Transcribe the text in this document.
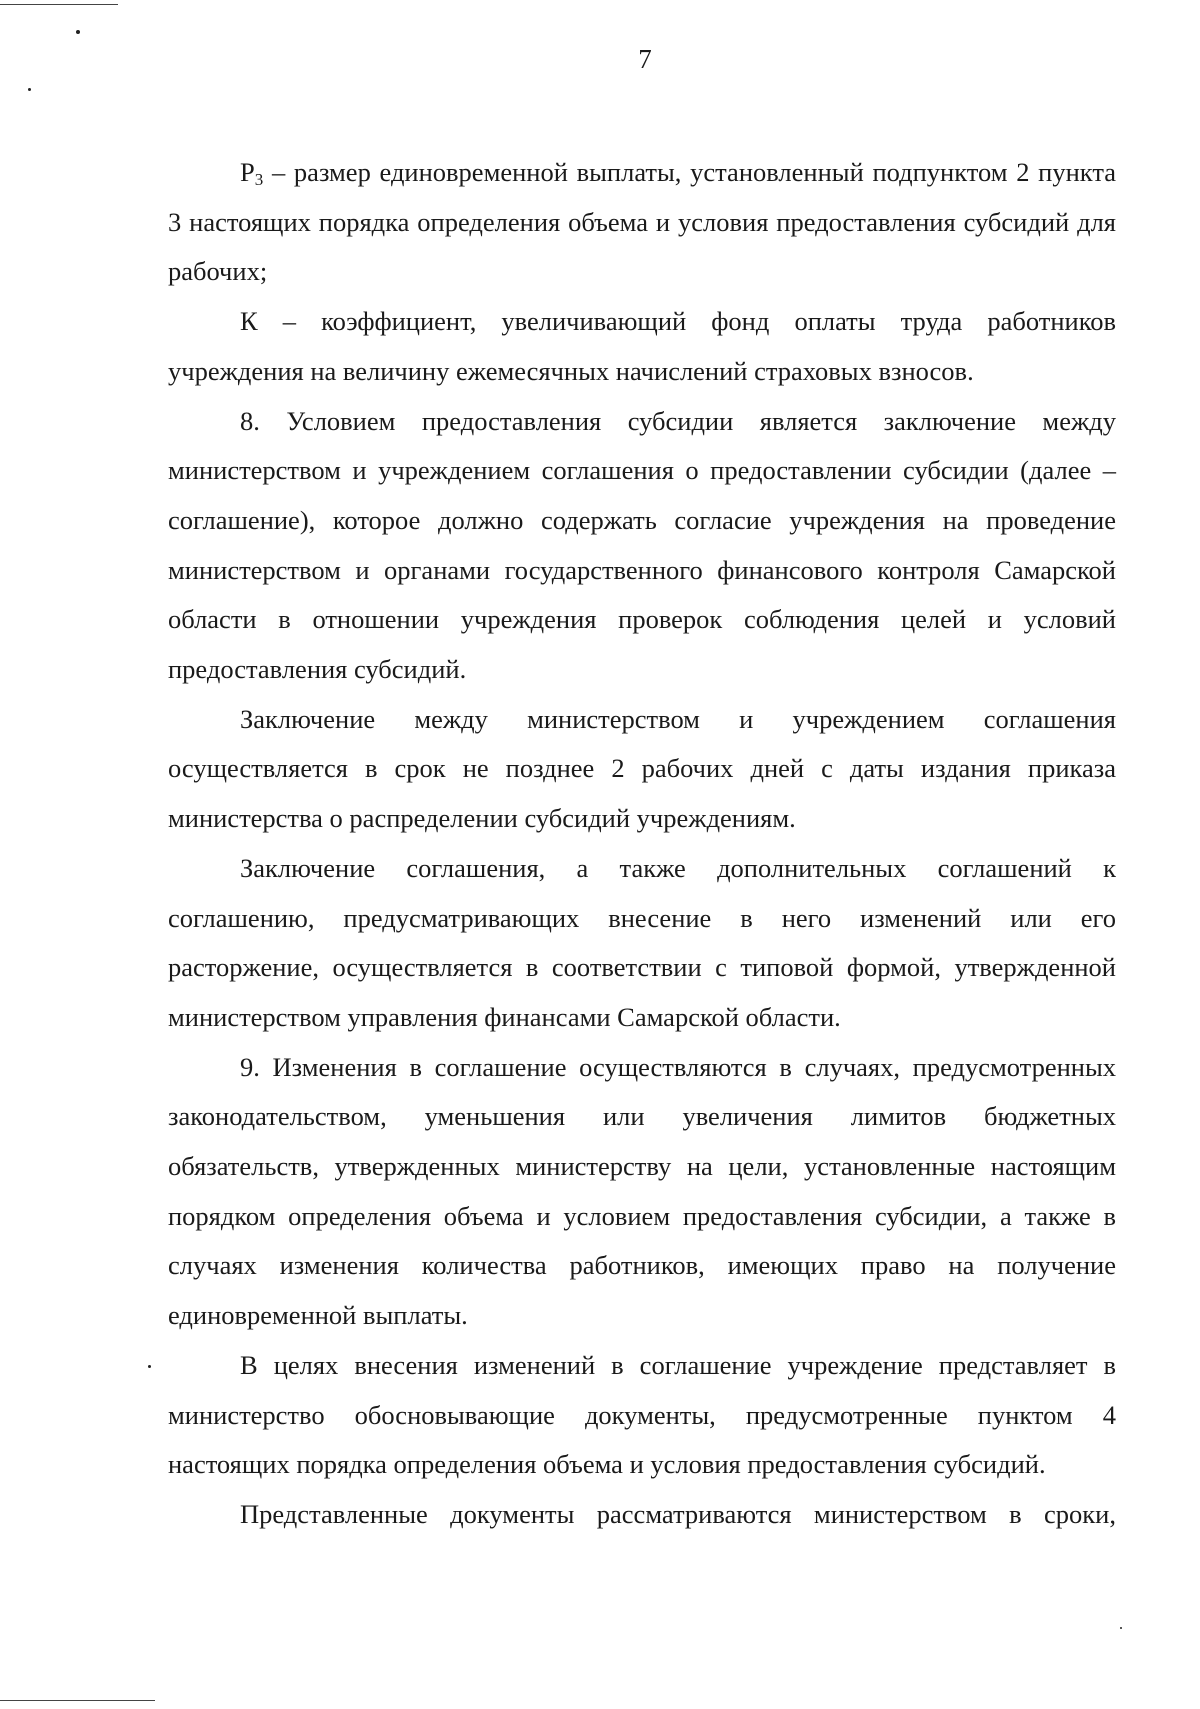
7

$Р_3$ – размер единовременной выплаты, установленный подпунктом 2 пункта 3 настоящих порядка определения объема и условия предоставления субсидий для рабочих;

К – коэффициент, увеличивающий фонд оплаты труда работников учреждения на величину ежемесячных начислений страховых взносов.

8. Условием предоставления субсидии является заключение между министерством и учреждением соглашения о предоставлении субсидии (далее – соглашение), которое должно содержать согласие учреждения на проведение министерством и органами государственного финансового контроля Самарской области в отношении учреждения проверок соблюдения целей и условий предоставления субсидий.

Заключение между министерством и учреждением соглашения осуществляется в срок не позднее 2 рабочих дней с даты издания приказа министерства о распределении субсидий учреждениям.

Заключение соглашения, а также дополнительных соглашений к соглашению, предусматривающих внесение в него изменений или его расторжение, осуществляется в соответствии с типовой формой, утвержденной министерством управления финансами Самарской области.

9. Изменения в соглашение осуществляются в случаях, предусмотренных законодательством, уменьшения или увеличения лимитов бюджетных обязательств, утвержденных министерству на цели, установленные настоящим порядком определения объема и условием предоставления субсидии, а также в случаях изменения количества работников, имеющих право на получение единовременной выплаты.

В целях внесения изменений в соглашение учреждение представляет в министерство обосновывающие документы, предусмотренные пунктом 4 настоящих порядка определения объема и условия предоставления субсидий.

Представленные документы рассматриваются министерством в сроки,
